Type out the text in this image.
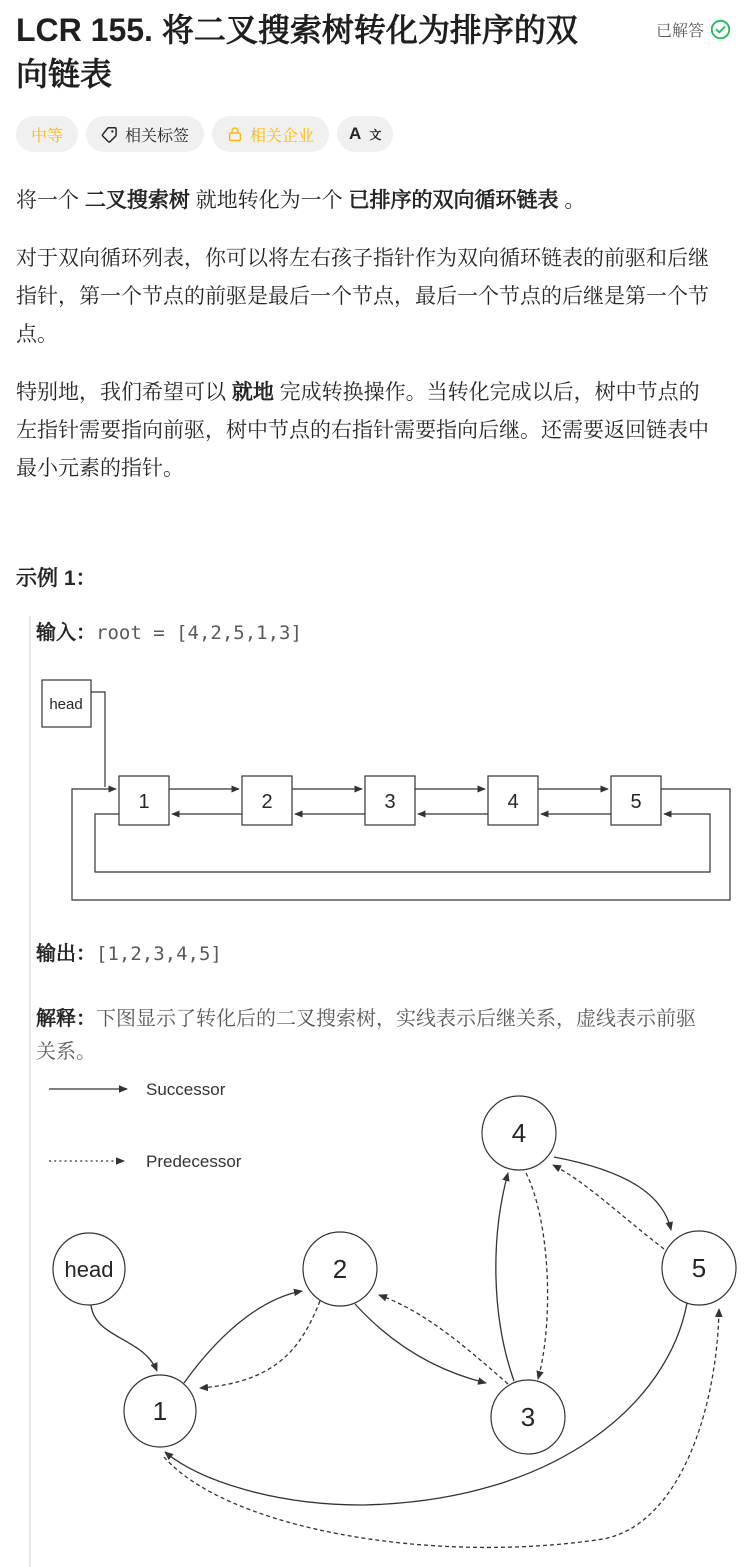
LCR 155. 将二叉搜索树转化为排序的双向链表
已解答
中等	相关标签	相关企业 A 文

将一个 二叉搜索树 就地转化为一个 已排序的双向循环链表 。

对于双向循环列表，你可以将左右孩子指针作为双向循环链表的前驱和后继指针，第一个节点的前驱是最后一个节点，最后一个节点的后继是第一个节点。

特别地，我们希望可以 就地 完成转换操作。当转化完成以后，树中节点的左指针需要指向前驱，树中节点的右指针需要指向后继。还需要返回链表中最小元素的指针。

示例 1：

输入：root = [4,2,5,1,3]

head
1	2	3	4	5

输出：[1,2,3,4,5]

解释：下图显示了转化后的二叉搜索树，实线表示后继关系，虚线表示前驱关系。

Successor
Predecessor
head	2
4
5
1	3
